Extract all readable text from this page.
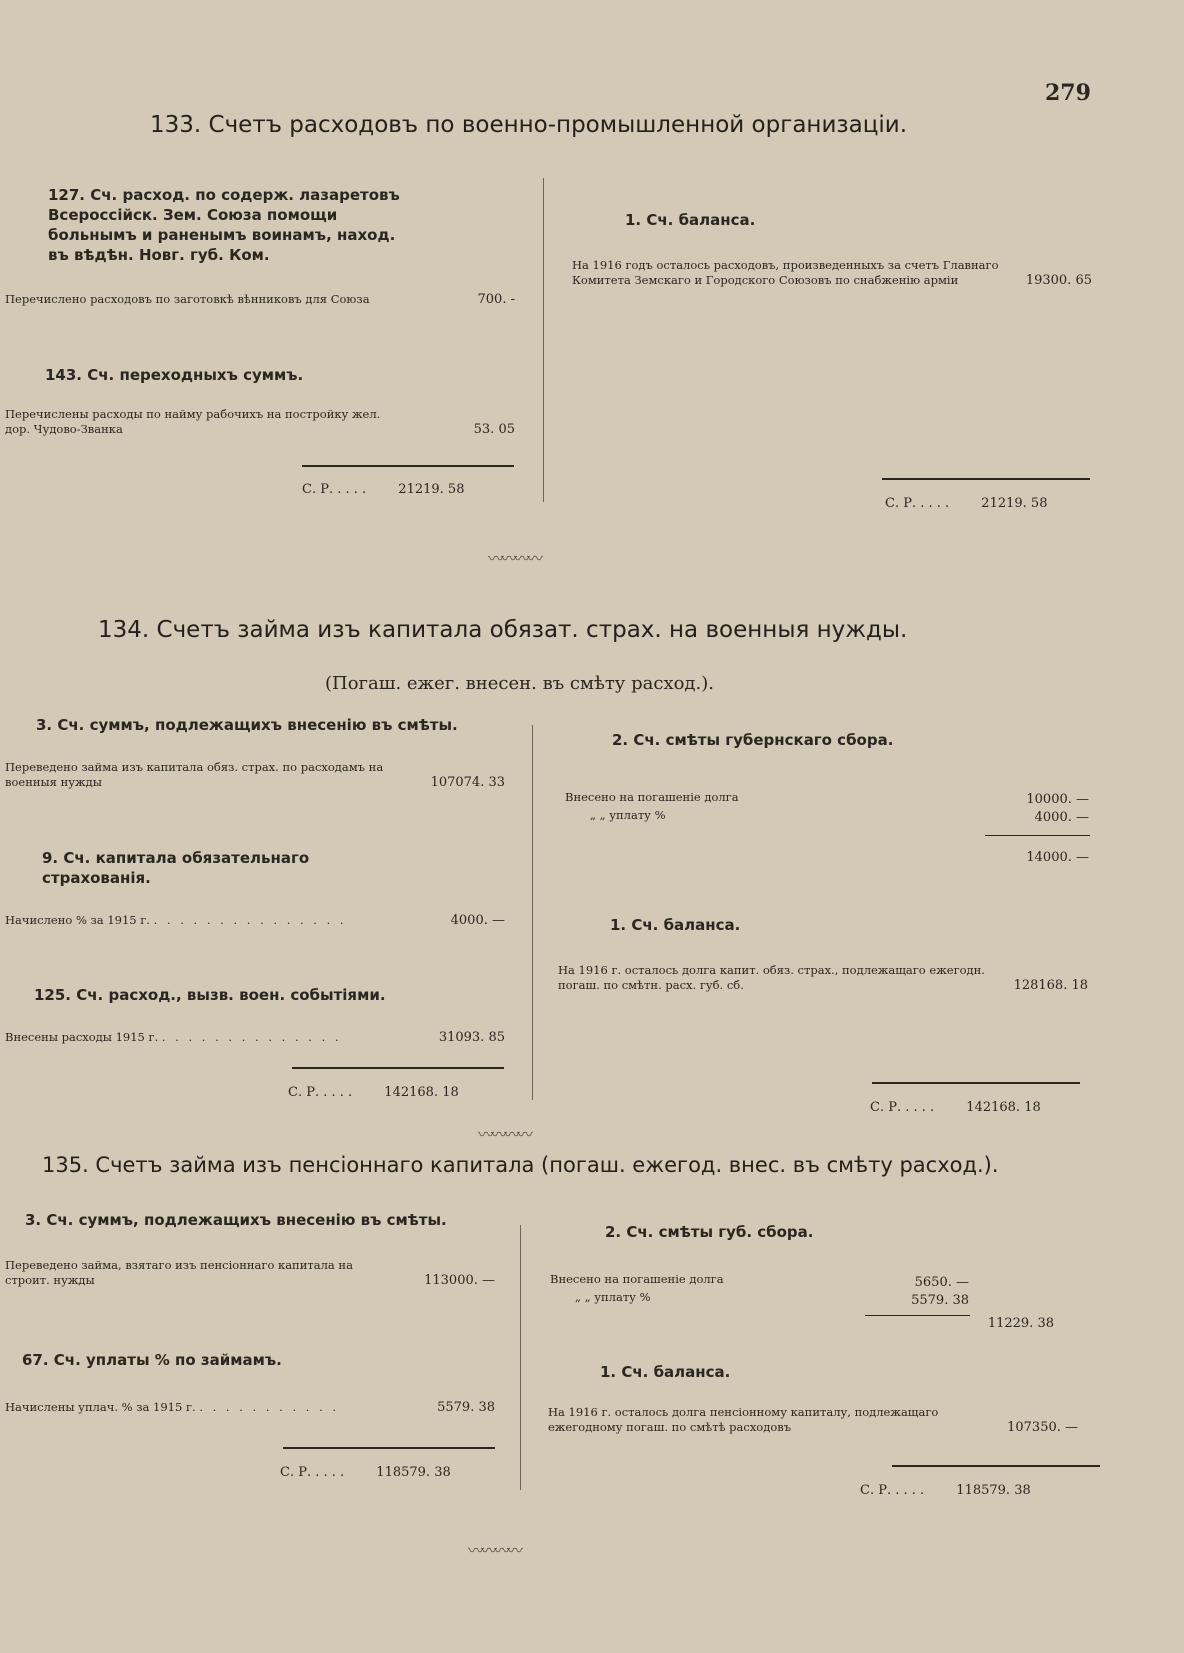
279
133. Счетъ расходовъ по военно-промышленной организацiи.
127. Сч. расход. по содерж. лазаретовъ Всероссiйск. Зем. Союза помощи больнымъ и раненымъ воинамъ, наход. въ вѣдѣн. Новг. губ. Ком.
Перечислено расходовъ по заготовкѣ вѣнниковъ для Союза	700. -
143. Сч. переходныхъ суммъ.
Перечислены расходы по найму рабочихъ на постройку жел. дор. Чудово-Званка	53. 05
С. Р. . . . . 21219. 58
1. Сч. баланса.
На 1916 годъ осталось расходовъ, произведенныхъ за счетъ Главнаго Комитета Земскаго и Городского Союзовъ по снабженiю армiи	19300. 65
С. Р. . . . . 21219. 58
〰〰〰〰
134. Счетъ займа изъ капитала обязат. страх. на военныя нужды.
(Погаш. ежег. внесен. въ смѣту расход.).
3. Сч. суммъ, подлежащихъ внесенiю въ смѣты.
Переведено займа изъ капитала обяз. страх. по расходамъ на военныя нужды	107074. 33
9. Сч. капитала обязательнаго страхованiя.
Начислено % за 1915 г. . . . . . . . . . . . . . . .	4000. —
125. Сч. расход., вызв. воен. событiями.
Внесены расходы 1915 г. . . . . . . . . . . . . . .	31093. 85
С. Р. . . . . 142168. 18
2. Сч. смѣты губернскаго сбора.
Внесено на погашенiе долга	10000. —
„ „ уплату %	4000. —
14000. —
1. Сч. баланса.
На 1916 г. осталось долга капит. обяз. страх., подлежащаго ежегодн. погаш. по смѣтн. расх. губ. сб.	128168. 18
С. Р. . . . . 142168. 18
〰〰〰〰
135. Счетъ займа изъ пенсiоннаго капитала (погаш. ежегод. внес. въ смѣту расход.).
3. Сч. суммъ, подлежащихъ внесенiю въ смѣты.
Переведено займа, взятаго изъ пенсiоннаго капитала на строит. нужды	113000. —
67. Сч. уплаты % по займамъ.
Начислены уплач. % за 1915 г. . . . . . . . . . . .	5579. 38
С. Р. . . . . 118579. 38
2. Сч. смѣты губ. сбора.
Внесено на погашенiе долга	5650. —
„ „ уплату %	5579. 38
11229. 38
1. Сч. баланса.
На 1916 г. осталось долга пенсiонному капиталу, подлежащаго ежегодному погаш. по смѣтѣ расходовъ	107350. —
С. Р. . . . . 118579. 38
〰〰〰〰
